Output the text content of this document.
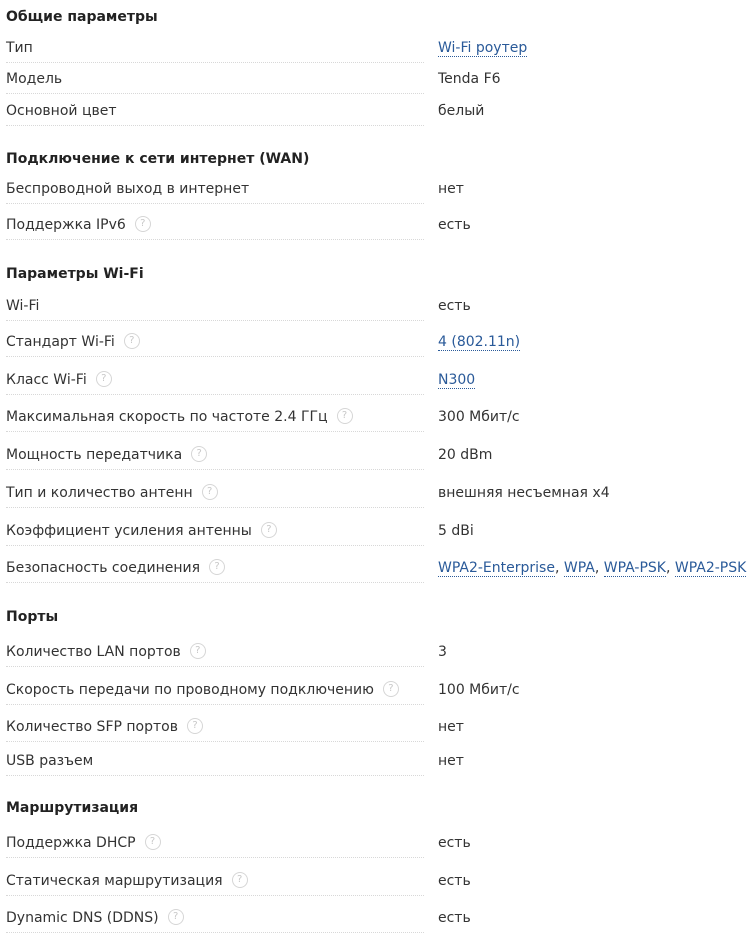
Общие параметры
Тип	Wi-Fi роутер
Модель	Tenda F6
Основной цвет	белый
Подключение к сети интернет (WAN)
Беспроводной выход в интернет	нет
Поддержка IPv6 ?	есть
Параметры Wi-Fi
Wi-Fi	есть
Стандарт Wi-Fi ?	4 (802.11n)
Класс Wi-Fi ?	N300
Максимальная скорость по частоте 2.4 ГГц ?	300 Мбит/с
Мощность передатчика ?	20 dBm
Тип и количество антенн ?	внешняя несъемная x4
Коэффициент усиления антенны ?	5 dBi
Безопасность соединения ?	WPA2-Enterprise, WPA, WPA-PSK, WPA2-PSK
Порты
Количество LAN портов ?	3
Скорость передачи по проводному подключению ?	100 Мбит/с
Количество SFP портов ?	нет
USB разъем	нет
Маршрутизация
Поддержка DHCP ?	есть
Статическая маршрутизация ?	есть
Dynamic DNS (DDNS) ?	есть
